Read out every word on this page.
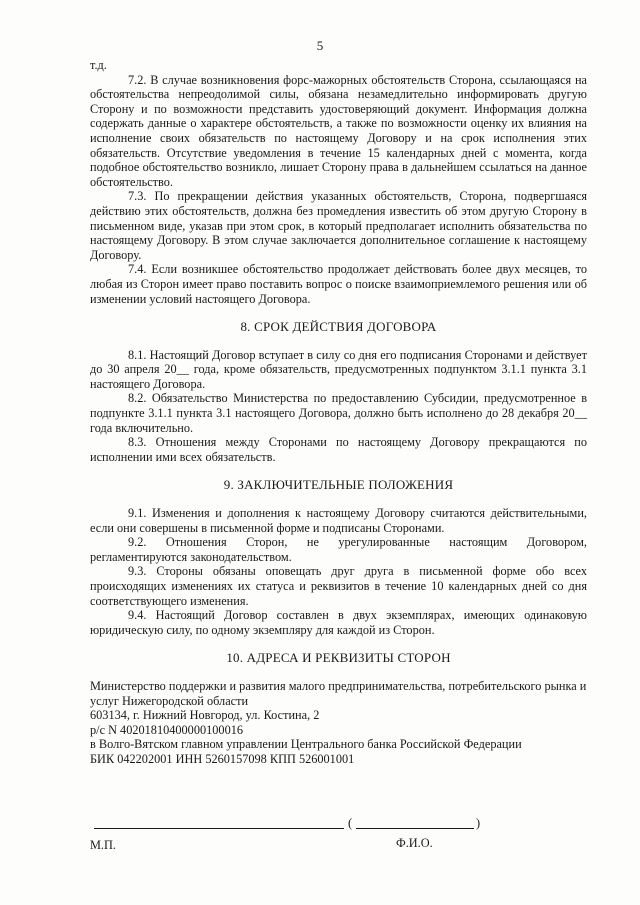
5

т.д.

7.2. В случае возникновения форс-мажорных обстоятельств Сторона, ссылающаяся на обстоятельства непреодолимой силы, обязана незамедлительно информировать другую Сторону и по возможности представить удостоверяющий документ. Информация должна содержать данные о характере обстоятельств, а также по возможности оценку их влияния на исполнение своих обязательств по настоящему Договору и на срок исполнения этих обязательств. Отсутствие уведомления в течение 15 календарных дней с момента, когда подобное обстоятельство возникло, лишает Сторону права в дальнейшем ссылаться на данное обстоятельство.

7.3. По прекращении действия указанных обстоятельств, Сторона, подвергшаяся действию этих обстоятельств, должна без промедления известить об этом другую Сторону в письменном виде, указав при этом срок, в который предполагает исполнить обязательства по настоящему Договору. В этом случае заключается дополнительное соглашение к настоящему Договору.

7.4. Если возникшее обстоятельство продолжает действовать более двух месяцев, то любая из Сторон имеет право поставить вопрос о поиске взаимоприемлемого решения или об изменении условий настоящего Договора.

8. СРОК ДЕЙСТВИЯ ДОГОВОРА

8.1. Настоящий Договор вступает в силу со дня его подписания Сторонами и действует до 30 апреля 20__ года, кроме обязательств, предусмотренных подпунктом 3.1.1 пункта 3.1 настоящего Договора.

8.2. Обязательство Министерства по предоставлению Субсидии, предусмотренное в подпункте 3.1.1 пункта 3.1 настоящего Договора, должно быть исполнено до 28 декабря 20__ года включительно.

8.3. Отношения между Сторонами по настоящему Договору прекращаются по исполнении ими всех обязательств.

9. ЗАКЛЮЧИТЕЛЬНЫЕ ПОЛОЖЕНИЯ

9.1. Изменения и дополнения к настоящему Договору считаются действительными, если они совершены в письменной форме и подписаны Сторонами.

9.2. Отношения Сторон, не урегулированные настоящим Договором, регламентируются законодательством.

9.3. Стороны обязаны оповещать друг друга в письменной форме обо всех происходящих изменениях их статуса и реквизитов в течение 10 календарных дней со дня соответствующего изменения.

9.4. Настоящий Договор составлен в двух экземплярах, имеющих одинаковую юридическую силу, по одному экземпляру для каждой из Сторон.

10. АДРЕСА И РЕКВИЗИТЫ СТОРОН

Министерство поддержки и развития малого предпринимательства, потребительского рынка и услуг Нижегородской области

603134, г. Нижний Новгород, ул. Костина, 2

р/с N 40201810400000100016

в Волго-Вятском главном управлении Центрального банка Российской Федерации

БИК 042202001 ИНН 5260157098 КПП 526001001

(	)
М.П.	Ф.И.О.
